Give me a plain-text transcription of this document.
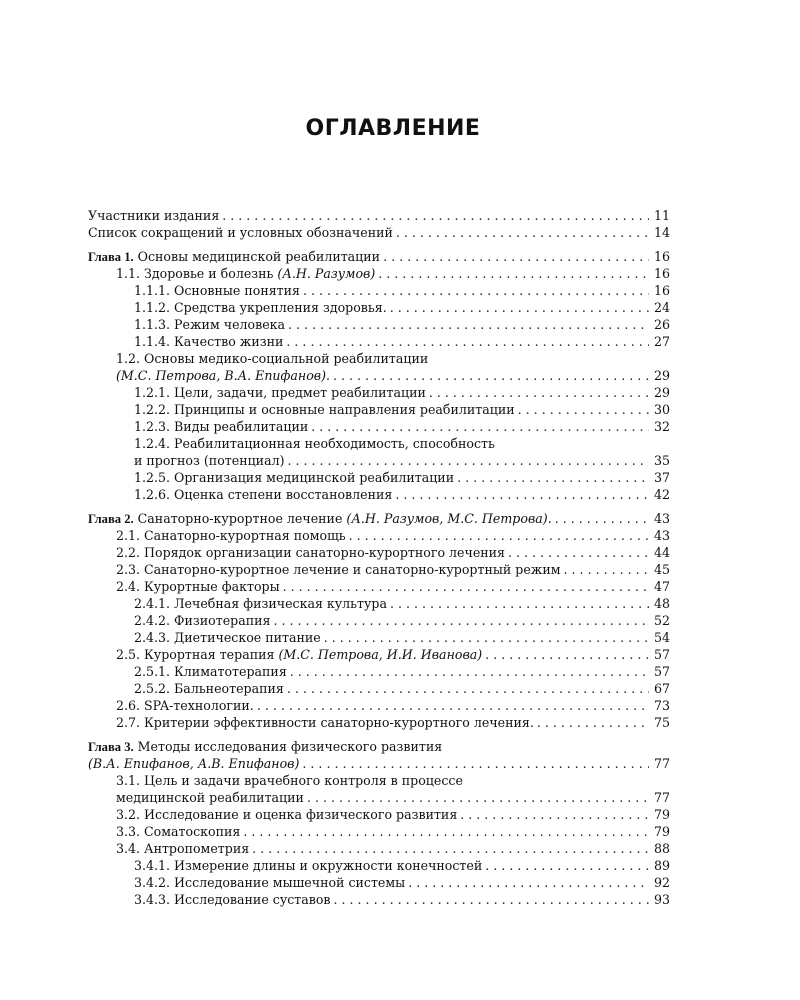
ОГЛАВЛЕНИЕ
Участники издания . . .	11
Список сокращений и условных обозначений . . .	14
Глава 1. Основы медицинской реабилитации . . .	16
1.1. Здоровье и болезнь (А.Н. Разумов) . . .	16
1.1.1. Основные понятия . . .	16
1.1.2. Средства укрепления здоровья. . . .	24
1.1.3. Режим человека . . .	26
1.1.4. Качество жизни . . .	27
1.2. Основы медико-социальной реабилитации
(М.С. Петрова, В.А. Епифанов). . . .	29
1.2.1. Цели, задачи, предмет реабилитации . . .	29
1.2.2. Принципы и основные направления реабилитации . . .	30
1.2.3. Виды реабилитации . . .	32
1.2.4. Реабилитационная необходимость, способность
и прогноз (потенциал) . . .	35
1.2.5. Организация медицинской реабилитации . . .	37
1.2.6. Оценка степени восстановления . . .	42
Глава 2. Санаторно-курортное лечение (А.Н. Разумов, М.С. Петрова). . . .	43
2.1. Санаторно-курортная помощь . . .	43
2.2. Порядок организации санаторно-курортного лечения . . .	44
2.3. Санаторно-курортное лечение и санаторно-курортный режим . . .	45
2.4. Курортные факторы . . .	47
2.4.1. Лечебная физическая культура . . .	48
2.4.2. Физиотерапия . . .	52
2.4.3. Диетическое питание . . .	54
2.5. Курортная терапия (М.С. Петрова, И.И. Иванова) . . .	57
2.5.1. Климатотерапия . . .	57
2.5.2. Бальнеотерапия . . .	67
2.6. SPA-технологии. . . .	73
2.7. Критерии эффективности санаторно-курортного лечения. . . .	75
Глава 3. Методы исследования физического развития
(В.А. Епифанов, А.В. Епифанов) . . .	77
3.1. Цель и задачи врачебного контроля в процессе
медицинской реабилитации . . .	77
3.2. Исследование и оценка физического развития . . .	79
3.3. Соматоскопия . . .	79
3.4. Антропометрия . . .	88
3.4.1. Измерение длины и окружности конечностей . . .	89
3.4.2. Исследование мышечной системы . . .	92
3.4.3. Исследование суставов . . .	93
